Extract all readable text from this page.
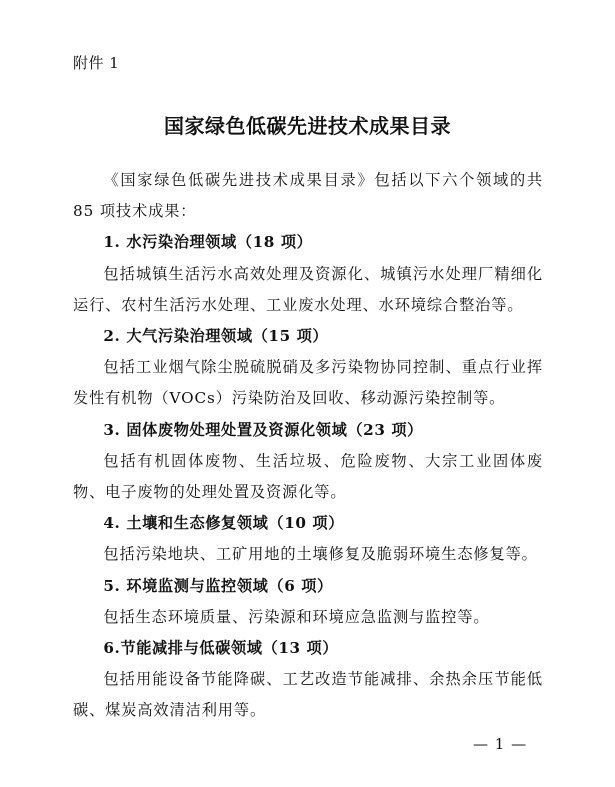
附件 1
国家绿色低碳先进技术成果目录

《国家绿色低碳先进技术成果目录》包括以下六个领域的共 85 项技术成果：

1. 水污染治理领域（18 项）

包括城镇生活污水高效处理及资源化、城镇污水处理厂精细化运行、农村生活污水处理、工业废水处理、水环境综合整治等。

2. 大气污染治理领域（15 项）

包括工业烟气除尘脱硫脱硝及多污染物协同控制、重点行业挥发性有机物（VOCs）污染防治及回收、移动源污染控制等。

3. 固体废物处理处置及资源化领域（23 项）

包括有机固体废物、生活垃圾、危险废物、大宗工业固体废物、电子废物的处理处置及资源化等。

4. 土壤和生态修复领域（10 项）

包括污染地块、工矿用地的土壤修复及脆弱环境生态修复等。

5. 环境监测与监控领域（6 项）

包括生态环境质量、污染源和环境应急监测与监控等。

6.节能减排与低碳领域（13 项）

包括用能设备节能降碳、工艺改造节能减排、余热余压节能低碳、煤炭高效清洁利用等。

— 1 —
